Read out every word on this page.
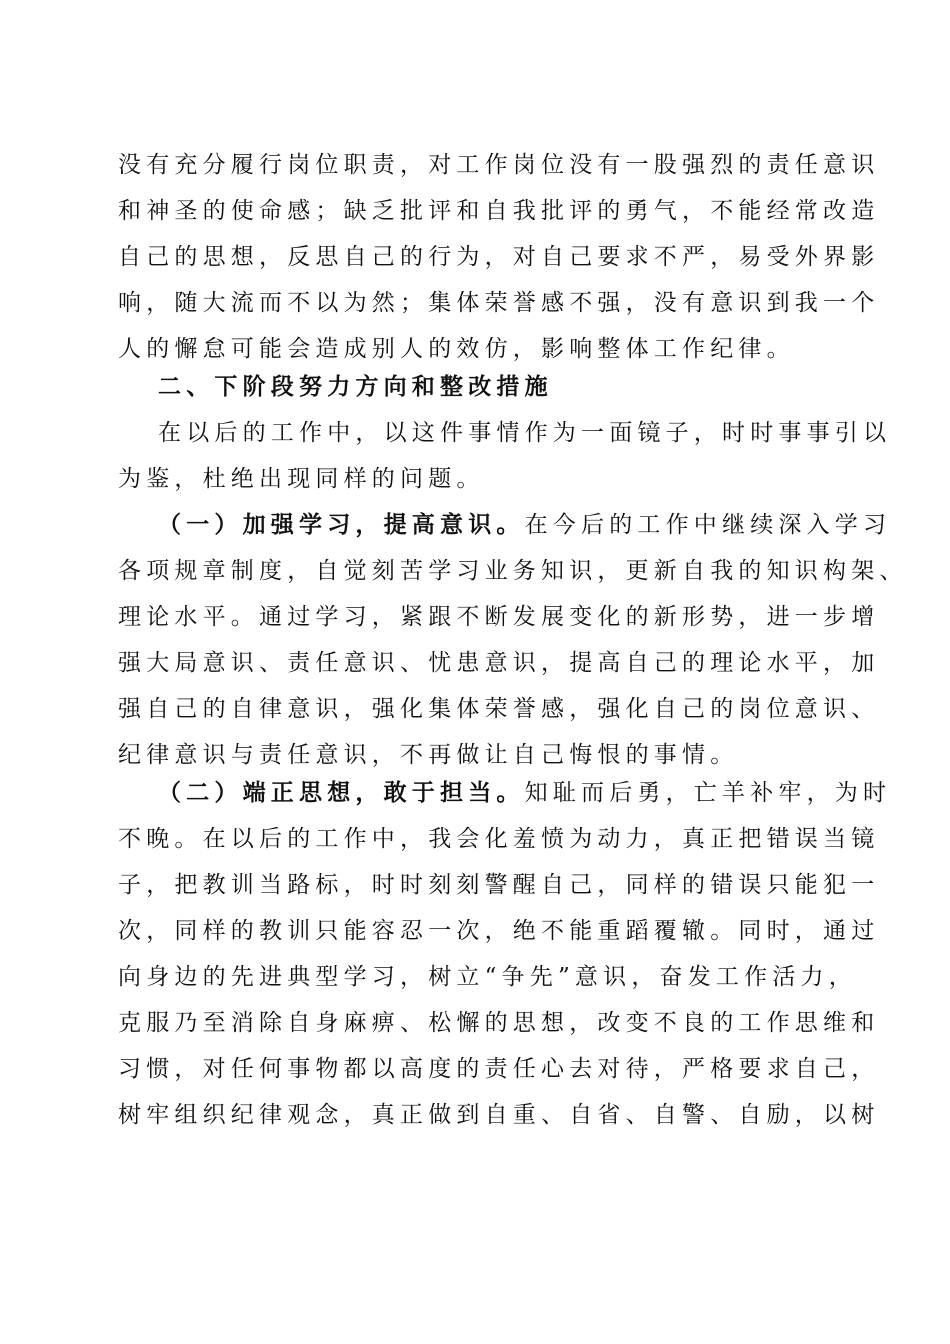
没有充分履行岗位职责，对工作岗位没有一股强烈的责任意识
和神圣的使命感；缺乏批评和自我批评的勇气，不能经常改造
自己的思想，反思自己的行为，对自己要求不严，易受外界影
响，随大流而不以为然；集体荣誉感不强，没有意识到我一个
人的懈怠可能会造成别人的效仿，影响整体工作纪律。
二、下阶段努力方向和整改措施
在以后的工作中，以这件事情作为一面镜子，时时事事引以
为鉴，杜绝出现同样的问题。
（一）加强学习，提高意识。在今后的工作中继续深入学习
各项规章制度，自觉刻苦学习业务知识，更新自我的知识构架、
理论水平。通过学习，紧跟不断发展变化的新形势，进一步增
强大局意识、责任意识、忧患意识，提高自己的理论水平，加
强自己的自律意识，强化集体荣誉感，强化自己的岗位意识、
纪律意识与责任意识，不再做让自己悔恨的事情。
（二）端正思想，敢于担当。知耻而后勇，亡羊补牢，为时
不晚。在以后的工作中，我会化羞愤为动力，真正把错误当镜
子，把教训当路标，时时刻刻警醒自己，同样的错误只能犯一
次，同样的教训只能容忍一次，绝不能重蹈覆辙。同时，通过
向身边的先进典型学习，树立“争先”意识，奋发工作活力，
克服乃至消除自身麻痹、松懈的思想，改变不良的工作思维和
习惯，对任何事物都以高度的责任心去对待，严格要求自己，
树牢组织纪律观念，真正做到自重、自省、自警、自励，以树
